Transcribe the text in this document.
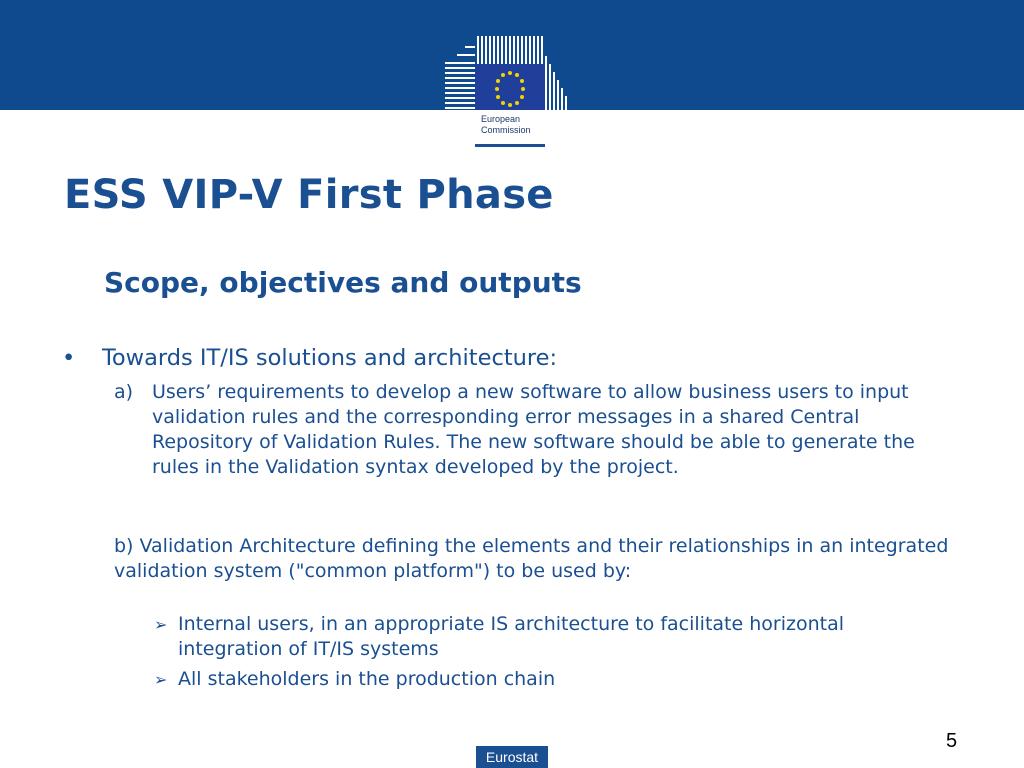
European
Commission
ESS VIP-V First Phase
Scope, objectives and outputs
• Towards IT/IS solutions and architecture:
a) Users’ requirements to develop a new software to allow business users to input validation rules and the corresponding error messages in a shared Central Repository of Validation Rules. The new software should be able to generate the rules in the Validation syntax developed by the project.
b) Validation Architecture defining the elements and their relationships in an integrated validation system ("common platform") to be used by:
➢ Internal users, in an appropriate IS architecture to facilitate horizontal integration of IT/IS systems
➢ All stakeholders in the production chain
Eurostat
5
